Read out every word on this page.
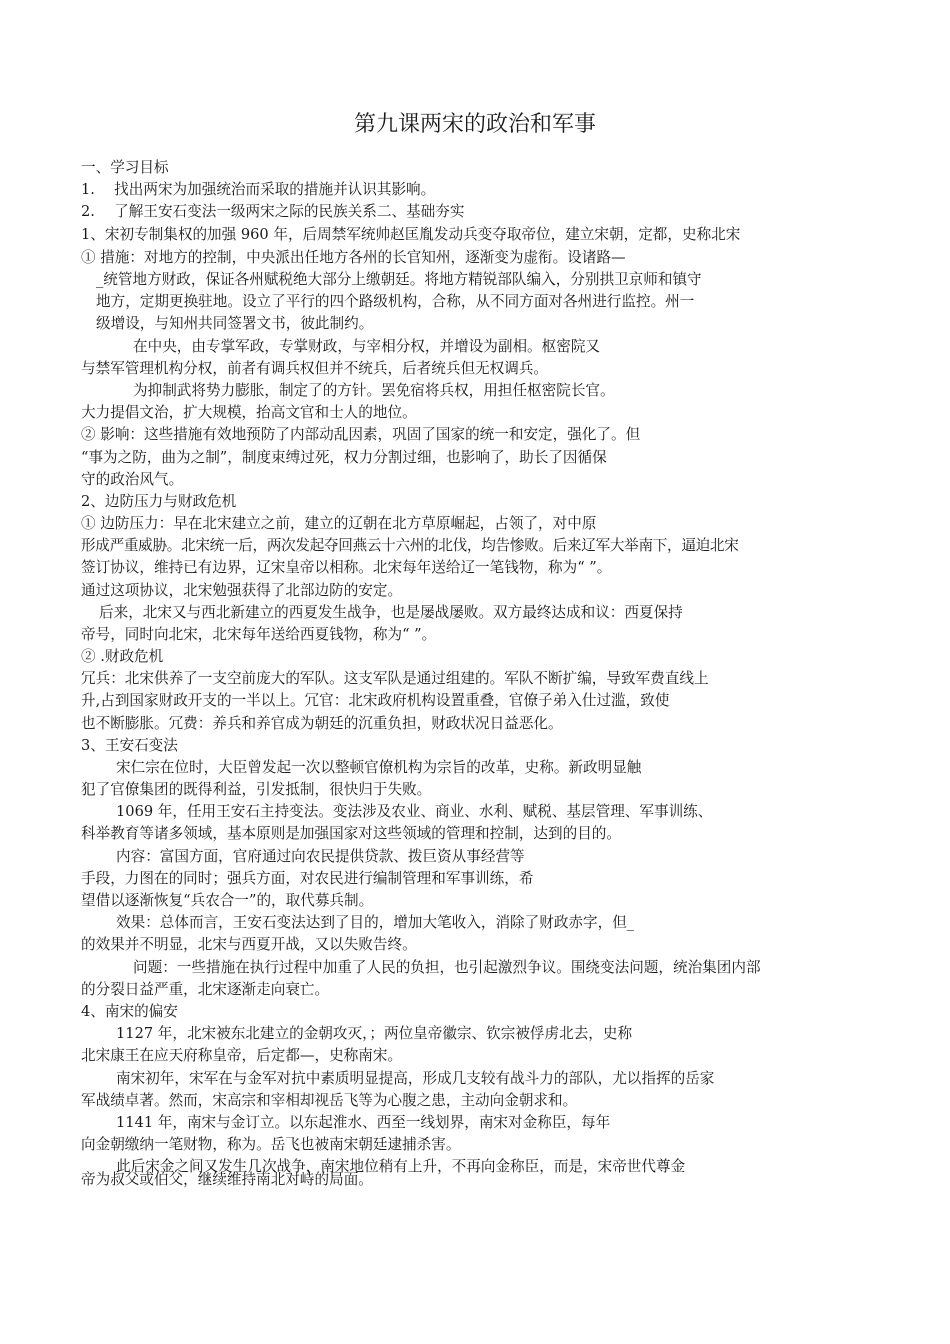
第九课两宋的政治和军事
一、学习目标
1.　 找出两宋为加强统治而采取的措施并认识其影响。
2.　 了解王安石变法一级两宋之际的民族关系二、基础夯实
1、宋初专制集权的加强 960 年，后周禁军统帅赵匡胤发动兵变夺取帝位，建立宋朝，定都，史称北宋
① 措施：对地方的控制，中央派出任地方各州的长官知州，逐渐变为虚衔。设诸路—
_统管地方财政，保证各州赋税绝大部分上缴朝廷。将地方精锐部队编入，分别拱卫京师和镇守
地方，定期更换驻地。设立了平行的四个路级机构，合称，从不同方面对各州进行监控。州一
级增设，与知州共同签署文书，彼此制约。
在中央，由专掌军政，专掌财政，与宰相分权，并增设为副相。枢密院又
与禁军管理机构分权，前者有调兵权但并不统兵，后者统兵但无权调兵。
为抑制武将势力膨胀，制定了的方针。罢免宿将兵权，用担任枢密院长官。
大力提倡文治，扩大规模，抬高文官和士人的地位。
② 影响：这些措施有效地预防了内部动乱因素，巩固了国家的统一和安定，强化了。但
“事为之防，曲为之制”，制度束缚过死，权力分割过细，也影响了，助长了因循保
守的政治风气。
2、边防压力与财政危机
① 边防压力：早在北宋建立之前，建立的辽朝在北方草原崛起，占领了，对中原
形成严重威胁。北宋统一后，两次发起夺回燕云十六州的北伐，均告惨败。后来辽军大举南下，逼迫北宋
签订协议，维持已有边界，辽宋皇帝以相称。北宋每年送给辽一笔钱物，称为“ ”。
通过这项协议，北宋勉强获得了北部边防的安定。
后来，北宋又与西北新建立的西夏发生战争，也是屡战屡败。双方最终达成和议：西夏保持
帝号，同时向北宋，北宋每年送给西夏钱物，称为“ ”。
② .财政危机
冗兵：北宋供养了一支空前庞大的军队。这支军队是通过组建的。军队不断扩编，导致军费直线上
升,占到国家财政开支的一半以上。冗官：北宋政府机构设置重叠，官僚子弟入仕过滥，致使
也不断膨胀。冗费：养兵和养官成为朝廷的沉重负担，财政状况日益恶化。
3、王安石变法
宋仁宗在位时，大臣曾发起一次以整顿官僚机构为宗旨的改革，史称。新政明显触
犯了官僚集团的既得利益，引发抵制，很快归于失败。
1069 年，任用王安石主持变法。变法涉及农业、商业、水利、赋税、基层管理、军事训练、
科举教育等诸多领域，基本原则是加强国家对这些领域的管理和控制，达到的目的。
内容：富国方面，官府通过向农民提供贷款、拨巨资从事经营等
手段，力图在的同时；强兵方面，对农民进行编制管理和军事训练，希
望借以逐渐恢复“兵农合一”的，取代募兵制。
效果：总体而言，王安石变法达到了目的，增加大笔收入，消除了财政赤字，但_
的效果并不明显，北宋与西夏开战，又以失败告终。
问题：一些措施在执行过程中加重了人民的负担，也引起激烈争议。围绕变法问题，统治集团内部
的分裂日益严重，北宋逐渐走向衰亡。
4、南宋的偏安
1127 年，北宋被东北建立的金朝攻灭，；两位皇帝徽宗、钦宗被俘虏北去，史称
北宋康王在应天府称皇帝，后定都—，史称南宋。
南宋初年，宋军在与金军对抗中素质明显提高，形成几支较有战斗力的部队，尤以指挥的岳家
军战绩卓著。然而，宋高宗和宰相却视岳飞等为心腹之患，主动向金朝求和。
1141 年，南宋与金订立。以东起淮水、西至一线划界，南宋对金称臣，每年
向金朝缴纳一笔财物，称为。岳飞也被南宋朝廷逮捕杀害。
此后宋金之间又发生几次战争，南宋地位稍有上升，不再向金称臣，而是，宋帝世代尊金
帝为叔父或伯父，继续维持南北对峙的局面。
